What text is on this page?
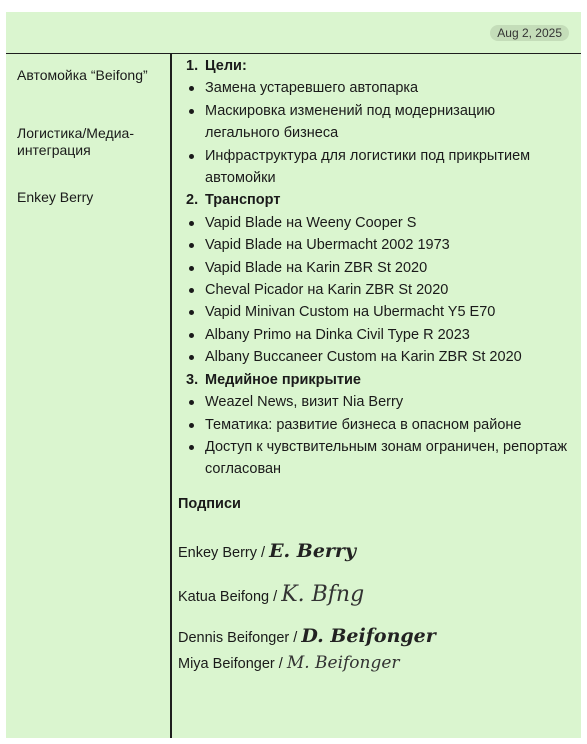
Aug 2, 2025

Автомойка “Beifong”

Логистика/Медиа-интеграция

Enkey Berry

1. Цели:
Замена устаревшего автопарка
Маскировка изменений под модернизацию легального бизнеса
Инфраструктура для логистики под прикрытием автомойки
2. Транспорт
Vapid Blade на Weeny Cooper S
Vapid Blade на Ubermacht 2002 1973
Vapid Blade на Karin ZBR St 2020
Cheval Picador на Karin ZBR St 2020
Vapid Minivan Custom на Ubermacht Y5 E70
Albany Primo на Dinka Civil Type R 2023
Albany Buccaneer Custom на Karin ZBR St 2020
3. Медийное прикрытие
Weazel News, визит Nia Berry
Тематика: развитие бизнеса в опасном районе
Доступ к чувствительным зонам ограничен, репортаж согласован
Подписи
Enkey Berry / E. Berry
Katua Beifong / K. Bfng
Dennis Beifonger / D. Beifonger
Miya Beifonger / M. Beifonger
